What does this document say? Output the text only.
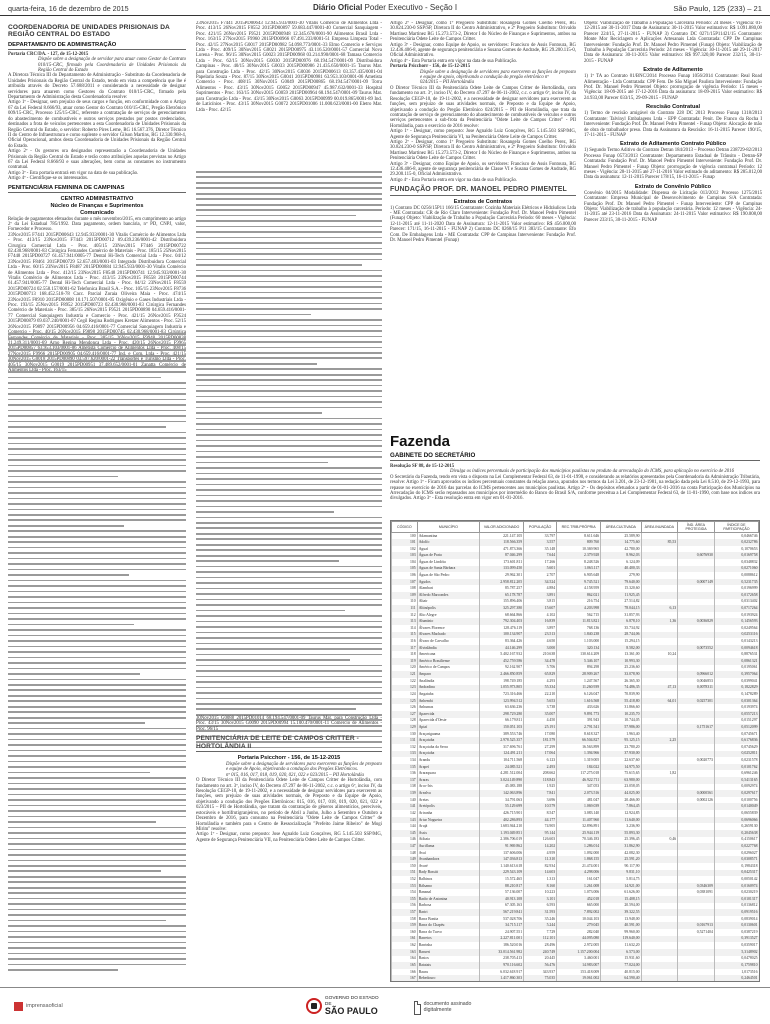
quarta-feira, 16 de dezembro de 2015	Diário Oficial Poder Executivo - Seção I	São Paulo, 125 (233) – 21
COORDENADORIA DE UNIDADES PRISIONAIS DA REGIÃO CENTRAL DO ESTADO
DEPARTAMENTO DE ADMINISTRAÇÃO
Portaria CRC/DA. - 127, de 15-12-2015
Dispõe sobre a designação de servidor para atuar como Gestor do Contrato 010/15-CRC, firmado pela Coordenadoria de Unidades Prisionais da Região Central do Estado
A Diretora Técnica III do Departamento de Administração - Substituto da Coordenadoria de Unidades Prisionais da Região Central do Estado, tendo em vista a competência que lhe é atribuída através do Decreto 57.688/2011 e considerando a necessidade de designar servidores para atuarem como Gestores do Contrato 010/15-CRC, firmado pela Departamento de Administração desta Coordenadoria resolve:
Artigo 1º - Designar, sem prejuízo de seus cargos e função, em conformidade com o Artigo 67 da Lei Federal 8.666/93, atuar como Gestor do Contrato 010/15-CRC, Pregão Eletrônico 009/15-CRC, Processo 125/15-CRC, referente a contratação de serviços de gerenciamento do abastecimento de combustíveis e outros serviços prestados por postos credenciados, destinados a frota de veículos pertencentes a esta Coordenadoria de Unidades Prisionais da Região Central do Estado, o servidor: Roberto Pires Leme, RG 16.567.376, Diretor Técnico II do Centro de Infraestrutura e como suplente o servidor Gilson Martins, RG 12.330.968-4, Oficial Operacional, ambos desta Coordenadoria de Unidades Prisionais da Região Central do Estado.
Artigo 2º - Os gestores ora designados representarão a Coordenadoria de Unidades Prisionais da Região Central do Estado e terão como atribuições aquelas previstas no Artigo 67 da Lei Federal 8.666/93 e suas alterações, bem como as constantes no instrumento contratual.
Artigo 3º - Esta portaria entrará em vigor na data de sua publicação.
Artigo 4º - Cientifique-se os interessados.
PENITENCIÁRIA FEMININA DE CAMPINAS
CENTRO ADMINISTRATIVO
Núcleo de Finanças e Suprimentos
Comunicado
Relação de pagamentos efetuados durante o mês novembro/2015, em cumprimento ao artigo 2º da Lei Estadual 785/1992. Data pagamento, ordem bancária, nº PD, CNPJ, valor, Fornecedor e Processo.
23Nov2015 F7441 2015PD00643 12.945.933/0001-30 Vitalis Comércio de Alimentos Ltda - Proc. 413/15 23Nov2015 F7443 2015PD00712 09.439.236/0001-42 Distribuidora Cirurgica Comercial Ltda - Proc. 405/15 23Nov2015 F7446 2015PD00722 02.430.968/0001-83 Cirúrgica Fernandes Comércio de Materiais - Proc. 185/15 25Nov2015 F7448 2015PD00727 61.457.941/0005-77 Dental Hi-Tech Comercial Ltda - Proc. 04/12 23Nov2015 F8461 2015PD00729 52.657.483/0001-03 Integrado Distribuidora Comercial Ltda - Proc. 60/15 23Nov2015 F8487 2015PD00884 12.945.933/0001-30 Vitalis Comércio de Alimentos Ltda - Proc. 412/15 23Nov2015 F8548 2015PD00741 12.945.933/0001-30 Vitalis Comércio de Alimentos Ltda - Proc. 413/15 23Nov2015 F8558 2015PD00744 61.457.941/0005-77 Dental Hi-Tech Comercial Ltda - Proc. 04/12 23Nov2015 F8559 2015PD00724 02.558.157/0001-62 Telefonica Brasil S.A. - Proc. 105/15 23Nov2015 F8736 2015PD00713 168.452.518-78 Cacc. Parcial Zoraia Oliveira Maia - Proc. 474/15 23Nov2015 F8910 2015PD00808 10.171.507/0001-05 Oxigênio e Gases Industriais Ltda - Proc. 193/15 25Nov2015 F8952 2015PD00723 02.430.968/0001-83 Cirúrgica Fernandes Comércio de Materiais - Proc. 385/15 26Nov2015 F9521 2015PD00890 04.659.416/0001-77 Comercial Sanquiagem Industria e Comercio - Proc. 421/15 26Nov2015 F9524 2015PD00879 69.037.240/0001-07 Cegil Regina Rodrigues Kretzer Alimentos - Proc. 52/15 26Nov2015 F9897 2015PD00956 04.659.416/0001-77 Comercial Sanquiagem Industria e
23Nov2015 F7441 2015PD00643 12.945.933/0001-30 Vitalis Comércio de Alimentos Ltda - Proc. 413/15 26Nov2015 F8552 2015PD00897 59.683.447/0001-40 Comercial Sanquiagem - Proc. 421/15 26Nov2015 F9521 2015PD00948 12.345.678/0001-90 Alimentos Brasil Ltda - Proc. 163/15 27Nov2015 F9960 2015PD00966 07.491.233/0001-51 Empresa Limpeza Total - Proc. 42/15 27Nov2015 G0017 2015PD00982 54.098.773/0001-33 Elmo Comercio e Serviços Ltda - Proc. 409/15 30Nov2015 G0021 2015PD00975 43.116.520/0001-57 Comercial Nova Lorena - Proc. 96/15 30Nov2015 G0023 2015PD00968 03.214.990/0001-68 Tamasa Comercio Ltda - Proc. 62/15 30Nov2015 G0030 2015PD00976 68.194.547/0001-09 Distribuidora Campinas - Proc. 40/15 30Nov2015 G0033 2015PD00986 21.435.650/0001-15 Taurus Mat. para Construção Ltda - Proc. 42/15 30Nov2015 G0036 2015PD00613 03.357.435/0001-04 Papelaria Souza - Proc. 87/15 30Nov2015 G0041 2015PD00981 63.953.103/0001-06 Ametista Comercio - Proc. 408/15 30Nov2015 G0049 2015PD00865 68.194.547/0001-09 Torra Alimentos - Proc. 43/15 30Nov2015 G0052 2015PD00947 45.987.632/0001-33 Hospital Suprimentos - Proc. 163/15 30Nov2015 G0059 2015PD00964 68.194.547/0001-09 Taurus Mat. para Construção Ltda - Proc. 43/15 30Nov2015 G0063 2015PD00999 00.019.865/0001-89 Ind. de Laticínios - Proc. 43/15 30Nov2015 G0072 2015PD01006 11.000.623/0001-00 Eletro Mat. Ltda - Proc. 42/15
30Nov2015 G0088 2015PD01014 68.194.547/0001-09 Taurus Mat. para Construção Ltda - Proc. 43/15 30Nov2015 G0090 2015PD00994 15.100.470/0001-11 Comercio de Alimentos - Proc. 96/15
PENITENCIÁRIA DE LEITE DE CAMPOS CRITTER - HORTOLÂNDIA II
Portaria Psicchorr - 156, de 15-12-2015
Dispõe sobre a designação de servidores para exercerem as funções de preposto e equipe de Apoio, objetivando a condução dos Pregões Eletrônicos.
nº 015, 016, 017, 018, 019, 020, 021, 022 e 023/2015 – PII Hortolândia
O Diretor Técnico III da Penitenciária Odete Leite de Campos Critter de Hortolândia, com fundamento no art. 3º, inciso IV, do Decreto 47.297 de 06-11-2002, c.c. o artigo 6º, inciso IV, da Resolução CEGP-10, de 19-11-2002, e a necessidade de designar servidores para exercerem as funções, sem prejuízo de suas atividades normais, de Preposto e da Equipe de Apoio, objetivando a condução dos Pregões Eletrônicos: 015, 016, 017, 018, 019, 020, 021, 022 e 023/2015 – PII de Hortolândia, que tratam da contratação de gêneros alimentícios, perecíveis, estocáveis e hortifrutigranjeiros, no período de Abril a Junho, Julho a Setembro e Outubro a Dezembro de 2016, para consumo na Penitenciária "Odete Leite de Campos Critter" de Hortolândia e também para o Centro de Ressocialização "Prefeito Jaime Ribeiro" de Mogi Mirim" resolve:
Artigo 1º - Designar, como preposto: Jose Agnaldo Luiz Gonçalves, RG 5.145.503 SSP/MG, Agente de Segurança Penitenciária VII, na Penitenciária Odete Leite de Campos Critter.
Artigo 2º - Designar, como 1º Pregoeiro Substituto: Rosangela Gomes Coelho Perez, RG 30.824.230-0 SSP/SP, Diretora II do Centro Administrativo, e 2º Pregoeiro Substituto: Orivaldo Martinez Martinez RG 15.273.573-2, Diretor I do Núcleo de Finanças e Suprimentos, ambos na Penitenciária Odete Leite de Campos Critter.
Artigo 3º - Designar, como Equipe de Apoio, os servidores: Francisco de Assis Fontoura, RG 12.436.406-8, agente de segurança penitenciária e Susana Gomes de Andrade, RG 29.200.115-0, Oficial Administrativo.
Artigo 4º - Esta Portaria entra em vigor na data de sua Publicação.
Portaria Psicchorr - 156, de 15-12-2015
Dispõe sobre a designação de servidores para exercerem as funções de preposto e equipe de apoio, objetivando a condução do pregão eletrônico nº
024/2015 – PII Hortolândia
O Diretor Técnico III da Penitenciária Odete Leite de Campos Critter de Hortolândia, com fundamento no art. 3º, inciso IV, do Decreto 47.297 de 06-11-2002, c.c. o artigo 6º, inciso IV, da Resolução CEGP-10, de 19-11-2002, e a necessidade de designar servidores para exercerem as funções, sem prejuízo de suas atividades normais, de Preposto e da Equipe de Apoio, objetivando a condução do Pregão Eletrônico 024/2015 – PII de Hortolândia, que trata da contratação de serviço de gerenciamento do abastecimento de combustíveis de veículos e outros serviços pertencentes a sub-frota da Penitenciária "Odete Leite de Campos Critter" - PII Hortolândia, para o exercício de 2016 resolve:
Artigo 1º - Designar, como preposto: Jose Agnaldo Luiz Gonçalves, RG 5.145.503 SSP/MG, Agente de Segurança Penitenciária VI, na Penitenciária Odete Leite de Campos Critter.
Artigo 2º - Designar, como 1º Pregoeiro Substituto: Rosangela Gomes Coelho Perez, RG 30.824.230-0 SSP/SP, Diretora II do Centro Administrativo, e 2º Pregoeiro Substituto: Orivaldo Martinez Martinez RG 15.273.573-2, Diretor I do Núcleo de Finanças e Suprimentos, ambos na Penitenciária Odete Leite de Campos Critter.
Artigo 3º - Designar, como Equipe de Apoio, os servidores: Francisco de Assis Fontoura, RG 12.436.406-8, agente de segurança penitenciária de Classe VI e Susana Gomes de Andrade, RG 29.200.115-0, Oficial Administrativo.
Artigo 4º - Esta Portaria entra em vigor na data de sua Publicação.
FUNDAÇÃO PROF. DR. MANOEL PEDRO PIMENTEL
Extratos de Contratos
1) Contrato DC 0256/15P11 166/15 Contratante: Cozinha Materiais Elétricos e Hidráulicos Ltda - ME Contratada: CR de Rio Claro Interveniente: Fundação Prof. Dr. Manoel Pedro Pimentel (Funap) Objeto: Viabilização de Trabalho a População Carcerária Período: 60 meses - Vigência: 12-11-2015 até 11-11-2020 Data de Assinatura: 12-11-2015 Valor estimativo: R$ 456.000,00 Parecer: 171/15, 16-11-2015 - FUNAP 2) Contrato DC 0268/15 P11 383/15 Contratante: Efo Com. De Embalagens Ltda - ME Contratada: CPP de Campinas Interveniente: Fundação Prof. Dr. Manoel Pedro Pimentel (Funap)
Objeto: Viabilização de Trabalho à População Carcerária Período: 24 meses - Vigência: 01-12-2015 até 30-11-2017 Data de Assinatura: 30-11-2015 Valor estimativo: R$ 1.091.880,00 Parecer 224/15, 27-11-2015 - FUNAP 3) Contrato DC 0271/15P11421/15 Contratante: Monte Mor Reciclagem e Aplicações Artesanais Ltda Contratada: CPP De Campinas Interveniente: Fundação Prof. Dr. Manoel Pedro Pimentel (Funap) Objeto: Viabilização de Trabalho à População Carcerária Período: 24 meses - Vigência: 30-11-2015 até 29-11-2017 Data de Assinatura: 30-11-2015 Valor estimativo: R$ 997.320,00 Parecer 232/15, 30-11-2015 - FUNAP
Extrato de Aditamento
1) 1º TA ao Contrato 01/BNC/2014 Processo Funap 1056/2014 Contratante: Real Road Alimentação - Ltda Contratada: CPP Fem. De São Miguel Paulista Interveniente: Fundação Prof. Dr. Manoel Pedro Pimentel Objeto: prorrogação de vigência Período: 15 meses - Vigência: 18-09-2015 até 17-12-2016 Data da assinatura: 18-09-2015 Valor estimativo: R$ 24.933,00 Parecer 033/15, 29-09-2015 - FUNAP
Rescisão Contratual
1) Termo de rescisão amigável do Contrato 228 DC 2013 Processo Funap 1318/2013 Contratante: Talvinyl Embalagens Ltda - EPP Contratada: Penit. De Franco da Rocha I Interveniente: Fundação Prof. Dr. Manoel Pedro Pimentel - Funap Objeto: Alocação de mão de obra de trabalhador preso. Data da Assinatura da Rescisão: 16-11-2015 Parecer 190/15, 17-11-2015 - FUNAP
Extrato de Aditamento Contrato Público
1) Segundo Termo Aditivo do Contrato Detran 184/2013 – Processo Detran 238729-82/2013 Processo Funap 0573/2013 Contratante: Departamento Estadual de Trânsito - Detran-SP Contratada: Fundação Prof. Dr. Manoel Pedro Pimentel Interveniente: Fundação Prof. Dr. Manoel Pedro Pimentel - Funap Objeto: prorrogação de vigência contratual Período: 12 meses - Vigência: 28-11-2015 até 27-11-2016 Valor estimado do aditamento: R$ 285.012,00 Data da assinatura: 12-11-2015 Parecer 178/15, 16-11-2015 - Funap
Extrato de Convênio Público
Convênio 04/2015 Modalidade: Dispensa de Licitação 013/2012 Processo 1275/2015 Contratante: Empresa Municipal de Desenvolvimento de Campinas S/A Contratada: Fundação Prof. Dr. Manoel Pedro Pimentel - Funap Interveniente: CPP de Campinas Objeto: Viabilização de trabalho à população carcerária. Período: 12 meses - Vigência: 24-11-2015 até 23-11-2016 Data da Assinatura: 24-11-2015 Valor estimativo: R$ 190.008,00 Parecer 233/15, 30-11-2015 - FUNAP
Fazenda
GABINETE DO SECRETÁRIO
Resolução SF 88, de 15-12-2015
Divulga os índices percentuais de participação dos municípios paulistas no produto da arrecadação do ICMS, para aplicação no exercício de 2016
O Secretário da Fazenda, tendo em vista o disposto na Lei Complementar Federal 63, de 11-01-1990, e considerando as relatórios apresentados pela Coordenadoria da Administração Tributária, resolve: Artigo 1º - Ficam aprovados os índices percentuais constantes da relação anexa, apurados nos termos da Lei 3.201, de 23-12-1981, na redação dada pela Lei 8.510, de 29-12-1993, para repasse no exercício de 2016 das parcelas do ICMS pertencentes aos municípios paulistas. Artigo 2º - Os depósitos efetuados a partir de 01-01-2016 na conta Participação dos Municípios na Arrecadação do ICMS serão repassados aos municípios por intermédio do Banco do Brasil S/A, conforme preceitua a Lei Complementar Federal 63, de 11-01-1990, com base nos índices ora divulgados. Artigo 3º - Esta resolução entra em vigor em 01-01-2016.
CÓDIGO	MUNICÍPIO	VALOR ADICIONADO	POPULAÇÃO	REC.TRIB.PRÓPRIA	ÁREA CULTIVADA	ÁREA INUNDADA	ÍND. ÁREA PROTEGIDA	ÍNDICE DE PARTICIPAÇÃO
100	Adamantina	221.147.105	33.797	8.611.646	25.589,90			0,0466746
101	Adolfo	118.566.359	3.557	809.760	14.775,60	85,53		0,0232786
102	Aguaí	471.873.366	35.148	10.369.965	42.780,00			0,1070653
103	Águas de Prata	87.046.299	7.644	2.379.928	8.962,03		0,6076930	0,0169758
104	Águas de Lindóia	173.601.811	17.266	8.248.526	6.124,09			0,0348832
105	Águas de Santa Bárbara	133.099.450	5.601	1.063.117	40.400,33			0,0271060
106	Águas de São Pedro	29.962.301	2.707	6.905.648	279,90			0,0088612
107	Agudos	2.958.812.205	34.524	9.745.521	79.640,00		0,0007149	0,5231735
108	Alambari	85.787.257	4.884	4.158.959	15.320,60			0,0196999
109	Alfredo Marcondes	65.178.787	3.891	862.021	11.925,45			0,0172658
110	Altair	155.896.406	3.815	216.754	27.514,82			0,0313402
111	Altinópolis	325.297.380	15.607	4.203.998	78.044,15	6,13		0,0717264
112	Alto Alegre	68.664.866	4.102	562.715	31.857,93			0,0193924
113	Alumínio	792.304.403	16.839	11.813.821	6.878,10	1,36	0,0036829	0,1456593
114	Álvares Florence	128.476.119	3.897	768.136	35.734,92			0,0249564
115	Álvares Machado	100.134.907	23.513	1.840.238	28.744,06			0,0253116
116	Álvaro de Carvalho	83.364.426	4.650	1.103.000	15.294,15			0,0143213
117	Alvinlândia	44.146.299	3.000	320.134	8.582,00		0,0073552	0,0094618
118	Americana	5.402.167.932	210.638	130.614.209	13.361,00	10,24		0,8876531
119	Américo Brasiliense	452.759.586	34.478	5.346.107	10.993,30			0,0861321
120	Américo de Campos	92.162.907	5.706	894.298	25.236,60			0,0195061
121	Amparo	2.466.850.859	65.829	28.909.267	33.078,90		0,0966012	0,3957064
122	Analândia	198.749.185	4.293	1.247.567	26.365,30		0,0046853	0,0399041
123	Andradina	1.055.973.805	55.334	11.260.939	74.486,35	47,13	0,0078311	0,1822829
124	Angatuba	723.316.466	22.210	6.126.047	70.839,90			0,1478289
125	Anhembi	123.994.512	5.653	1.616.568	55.418,80	64,01	0,0257301	0,0301364
126	Anhumas	63.636.236	3.738	433.626	31.866,60			0,0193974
127	Aparecida	298.729.280	35.007	9.891.773	10.235,70			0,0557213
128	Aparecida d'Oeste	66.179.811	4.450	391.943	10.744,05			0,0151297
129	Apiaí	150.051.103	25.191	2.791.541	57.986,00		0,1751617	0,0512099
130	Araçariguama	389.553.746	17.080	8.618.327	1.963,40			0,0745671
131	Araçatuba	2.978.525.357	181.579	66.504.827	95.125,15	2,25		0,6176836
132	Araçoiaba da Serra	317.696.761	27.299	16.563.899	23.780,20			0,0745629
133	Araçoiaba	124.491.211	17.064	1.394.966	37.930,00			0,0252811
134	Arandu	104.711.568	6.123	1.319.005	22.637,60		0,0020773	0,0231578
135	Arapeí	24.085.521	2.493	184.022	14.975,50			0,0101762
136	Araraquara	4.281.512.004	208.662	117.275.018	75.615,65	1,82		0,6961246
137	Araras	3.024.149.890	118.843	46.922.711	63.980,00			0,5413165
138	Arco-Íris	45.083.188	1.925	347.053	23.058,05			0,0092974
139	Arealva	142.063.896	7.841	2.073.516	44.025,00		0,0000561	0,0297617
140	Areias	34.791.063	3.696	481.047	20.466,00		0,0002126	0,0100756
141	Areiópolis	55.129.699	10.579	1.069.039	7.864,45			0,0140049
142	Ariranha	426.715.901	8.547	3.083.140	12.924,85			0,0655839
143	Artur Nogueira	402.286.893	44.177	11.407.960	11.640,00			0,0696066
144	Arujá	1.683.944.210	74.905	32.896.891	3.236,90			0,2659130
145	Assis	1.193.049.851	95.144	25.944.119	55.893,30			0,2045638
146	Atibaia	2.386.706.019	126.603	70.346.183	25.396,45	0,46		0,4150617
147	Auriflama	91.969.862	14.202	1.286.014	31.862,90			0,0227768
148	Avaí	137.606.006	4.959	1.092.000	42.082,30			0,0296027
149	Avanhandava	147.036.813	11.310	1.868.155	25.591,20			0,0308571
150	Avaré	1.140.613.618	82.934	21.474.001	90.117,90			0,1984318
151	Bady Bassitt	229.543.109	14.603	4.298.006	9.831,10			0,0425317
152	Balbinos	15.572.465	1.313	161.047	5.814,75			0,0050142
153	Bálsamo	88.210.817	8.160	1.261.008	14.921,00		0,0346309	0,0160974
154	Bananal	57.136.007	10.223	1.073.006	61.626,00		0,0381091	0,0230219
155	Barão de Antonina	40.913.108	3.101	452.018	15.408,15			0,0101317
156	Barbosa	67.305.163	6.593	665.000	20.594,00			0,0136812
157	Bariri	567.219.841	31.593	7.892.002	39.322,55			0,0919516
158	Barra Bonita	537.028.706	35.246	10.044.103	13.948,00			0,0839014
159	Barra do Chapéu	34.715.117	5.244	279.045	40.591,00		0,0167913	0,0130601
160	Barra do Turvo	24.907.551	7.729	282.040	99.960,00		0,5271404	0,0387219
161	Barretos	2.227.811.001	112.101	44.095.080	119.640,00			0,3913527
162	Barrinha	186.520.016	28.496	2.972.005	11.632,20			0,0359017
163	Barueri	33.014.561.982	240.749	1.157.200.004	6.573,00			5,3148902
164	Bastos	238.705.413	20.445	3.460.001	15.931,60			0,0478025
165	Batatais	970.116.602	56.476	14.983.007	77.024,00			0,1759810
166	Bauru	6.032.618.917	343.937	153.418.009	40.815,00			1,0173516
167	Bebedouro	1.417.860.303	75.035	19.061.002	64.590,40			0,2464501

imprensaoficial
GOVERNO DO ESTADO DE
SÃO PAULO
documento assinado digitalmente
